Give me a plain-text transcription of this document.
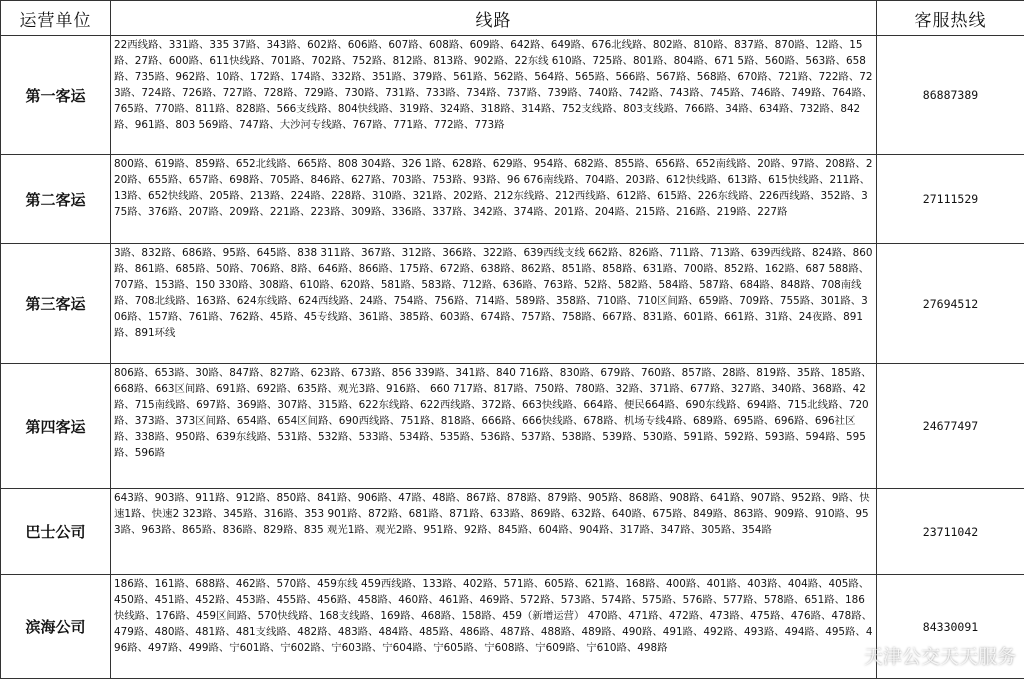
运营单位	线路	客服热线
第一客运	22西线路、331路、335 37路、343路、602路、606路、607路、608路、609路、642路、649路、676北线路、802路、810路、837路、870路、12路、15路、27路、600路、611快线路、701路、702路、752路、812路、813路、902路、22东线 610路、725路、801路、804路、671 5路、560路、563路、658路、735路、962路、10路、172路、174路、332路、351路、379路、561路、562路、564路、565路、566路、567路、568路、670路、721路、722路、723路、724路、726路、727路、728路、729路、730路、731路、733路、734路、737路、739路、740路、742路、743路、745路、746路、749路、764路、765路、770路、811路、828路、566支线路、804快线路、319路、324路、318路、314路、752支线路、803支线路、766路、34路、634路、732路、842路、961路、803 569路、747路、大沙河专线路、767路、771路、772路、773路	86887389
第二客运	800路、619路、859路、652北线路、665路、808 304路、326 1路、628路、629路、954路、682路、855路、656路、652南线路、20路、97路、208路、220路、655路、657路、698路、705路、846路、627路、703路、753路、93路、96 676南线路、704路、203路、612快线路、613路、615快线路、211路、13路、652快线路、205路、213路、224路、228路、310路、321路、202路、212东线路、212西线路、612路、615路、226东线路、226西线路、352路、375路、376路、207路、209路、221路、223路、309路、336路、337路、342路、374路、201路、204路、215路、216路、219路、227路	27111529
第三客运	3路、832路、686路、95路、645路、838 311路、367路、312路、366路、322路、639西线支线 662路、826路、711路、713路、639西线路、824路、860路、861路、685路、50路、706路、8路、646路、866路、175路、672路、638路、862路、851路、858路、631路、700路、852路、162路、687 588路、707路、153路、150 330路、308路、610路、620路、581路、583路、712路、636路、763路、52路、582路、584路、587路、684路、848路、708南线路、708北线路、163路、624东线路、624西线路、24路、754路、756路、714路、589路、358路、710路、710区间路、659路、709路、755路、301路、306路、157路、761路、762路、45路、45专线路、361路、385路、603路、674路、757路、758路、667路、831路、601路、661路、31路、24夜路、891路、891环线	27694512
第四客运	806路、653路、30路、847路、827路、623路、673路、856 339路、341路、840 716路、830路、679路、760路、857路、28路、819路、35路、185路、668路、663区间路、691路、692路、635路、观光3路、916路、 660 717路、817路、750路、780路、32路、371路、677路、327路、340路、368路、42路、715南线路、697路、369路、307路、315路、622东线路、622西线路、372路、663快线路、664路、便民664路、690东线路、694路、715北线路、720路、373路、373区间路、654路、654区间路、690西线路、751路、818路、666路、666快线路、678路、机场专线4路、689路、695路、696路、696社区路、338路、950路、639东线路、531路、532路、533路、534路、535路、536路、537路、538路、539路、530路、591路、592路、593路、594路、595路、596路	24677497
巴士公司	643路、903路、911路、912路、850路、841路、906路、47路、48路、867路、878路、879路、905路、868路、908路、641路、907路、952路、9路、快速1路、快速2 323路、345路、316路、353 901路、872路、681路、871路、633路、869路、632路、640路、675路、849路、863路、909路、910路、953路、963路、865路、836路、829路、835 观光1路、观光2路、951路、92路、845路、604路、904路、317路、347路、305路、354路	23711042
滨海公司	186路、161路、688路、462路、570路、459东线 459西线路、133路、402路、571路、605路、621路、168路、400路、401路、403路、404路、405路、450路、451路、452路、453路、455路、456路、458路、460路、461路、469路、572路、573路、574路、575路、576路、577路、578路、651路、186快线路、176路、459区间路、570快线路、168支线路、169路、468路、158路、459（新增运营） 470路、471路、472路、473路、475路、476路、478路、479路、480路、481路、481支线路、482路、483路、484路、485路、486路、487路、488路、489路、490路、491路、492路、493路、494路、495路、496路、497路、499路、宁601路、宁602路、宁603路、宁604路、宁605路、宁608路、宁609路、宁610路、498路	84330091
天津公交天天服务
